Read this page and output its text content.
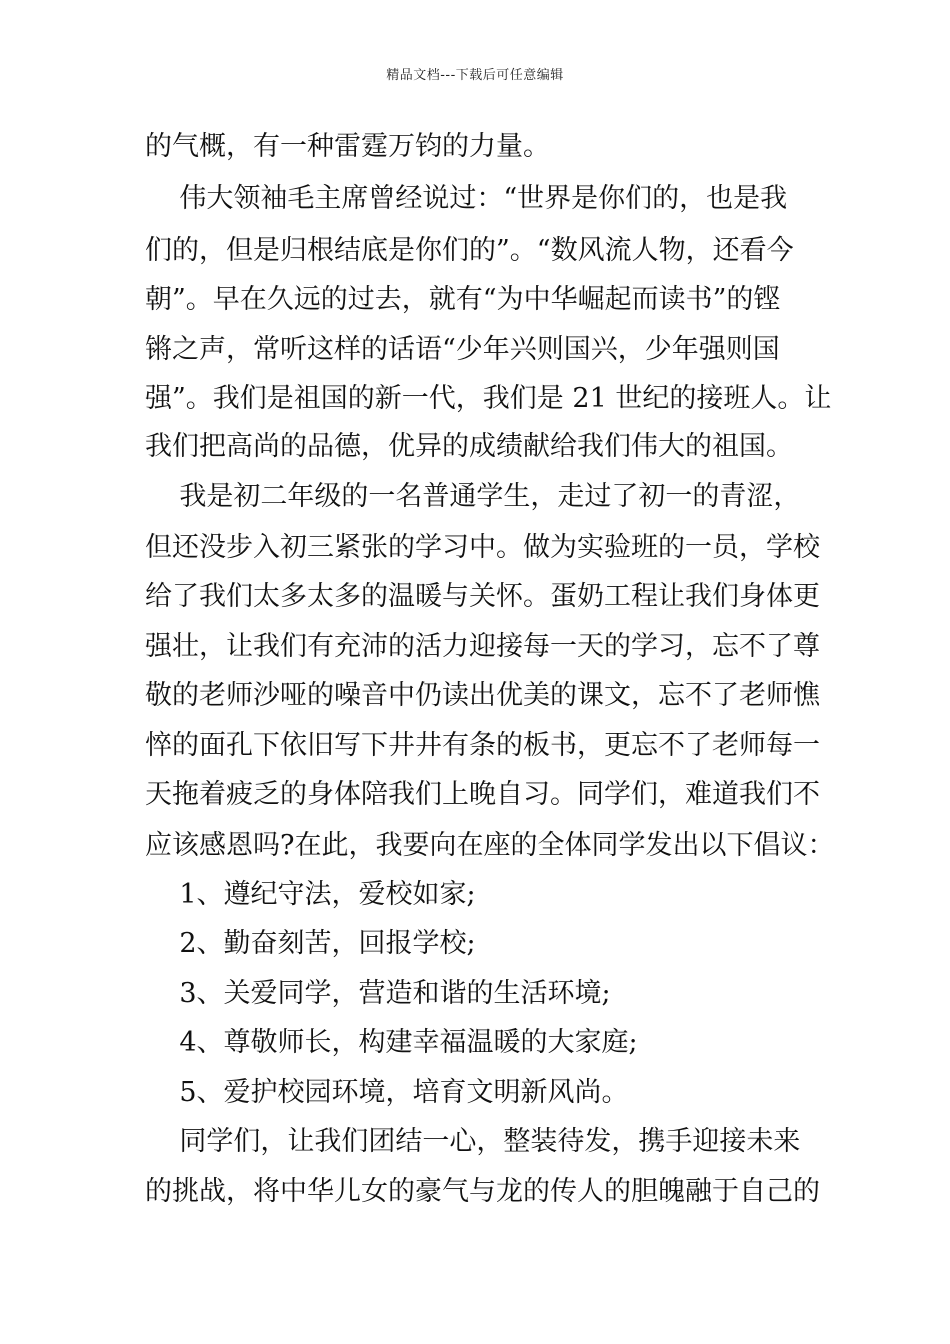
精品文档---下载后可任意编辑
的气概，有一种雷霆万钧的力量。
伟大领袖毛主席曾经说过：“世界是你们的，也是我
们的，但是归根结底是你们的”。“数风流人物，还看今
朝”。早在久远的过去，就有“为中华崛起而读书”的铿
锵之声，常听这样的话语“少年兴则国兴，少年强则国
强”。我们是祖国的新一代，我们是 21 世纪的接班人。让
我们把高尚的品德，优异的成绩献给我们伟大的祖国。
我是初二年级的一名普通学生，走过了初一的青涩，
但还没步入初三紧张的学习中。做为实验班的一员，学校
给了我们太多太多的温暖与关怀。蛋奶工程让我们身体更
强壮，让我们有充沛的活力迎接每一天的学习，忘不了尊
敬的老师沙哑的噪音中仍读出优美的课文，忘不了老师憔
悴的面孔下依旧写下井井有条的板书，更忘不了老师每一
天拖着疲乏的身体陪我们上晚自习。同学们，难道我们不
应该感恩吗?在此，我要向在座的全体同学发出以下倡议：
1、遵纪守法，爱校如家;
2、勤奋刻苦，回报学校;
3、关爱同学，营造和谐的生活环境;
4、尊敬师长，构建幸福温暖的大家庭;
5、爱护校园环境，培育文明新风尚。
同学们，让我们团结一心，整装待发，携手迎接未来
的挑战，将中华儿女的豪气与龙的传人的胆魄融于自己的
